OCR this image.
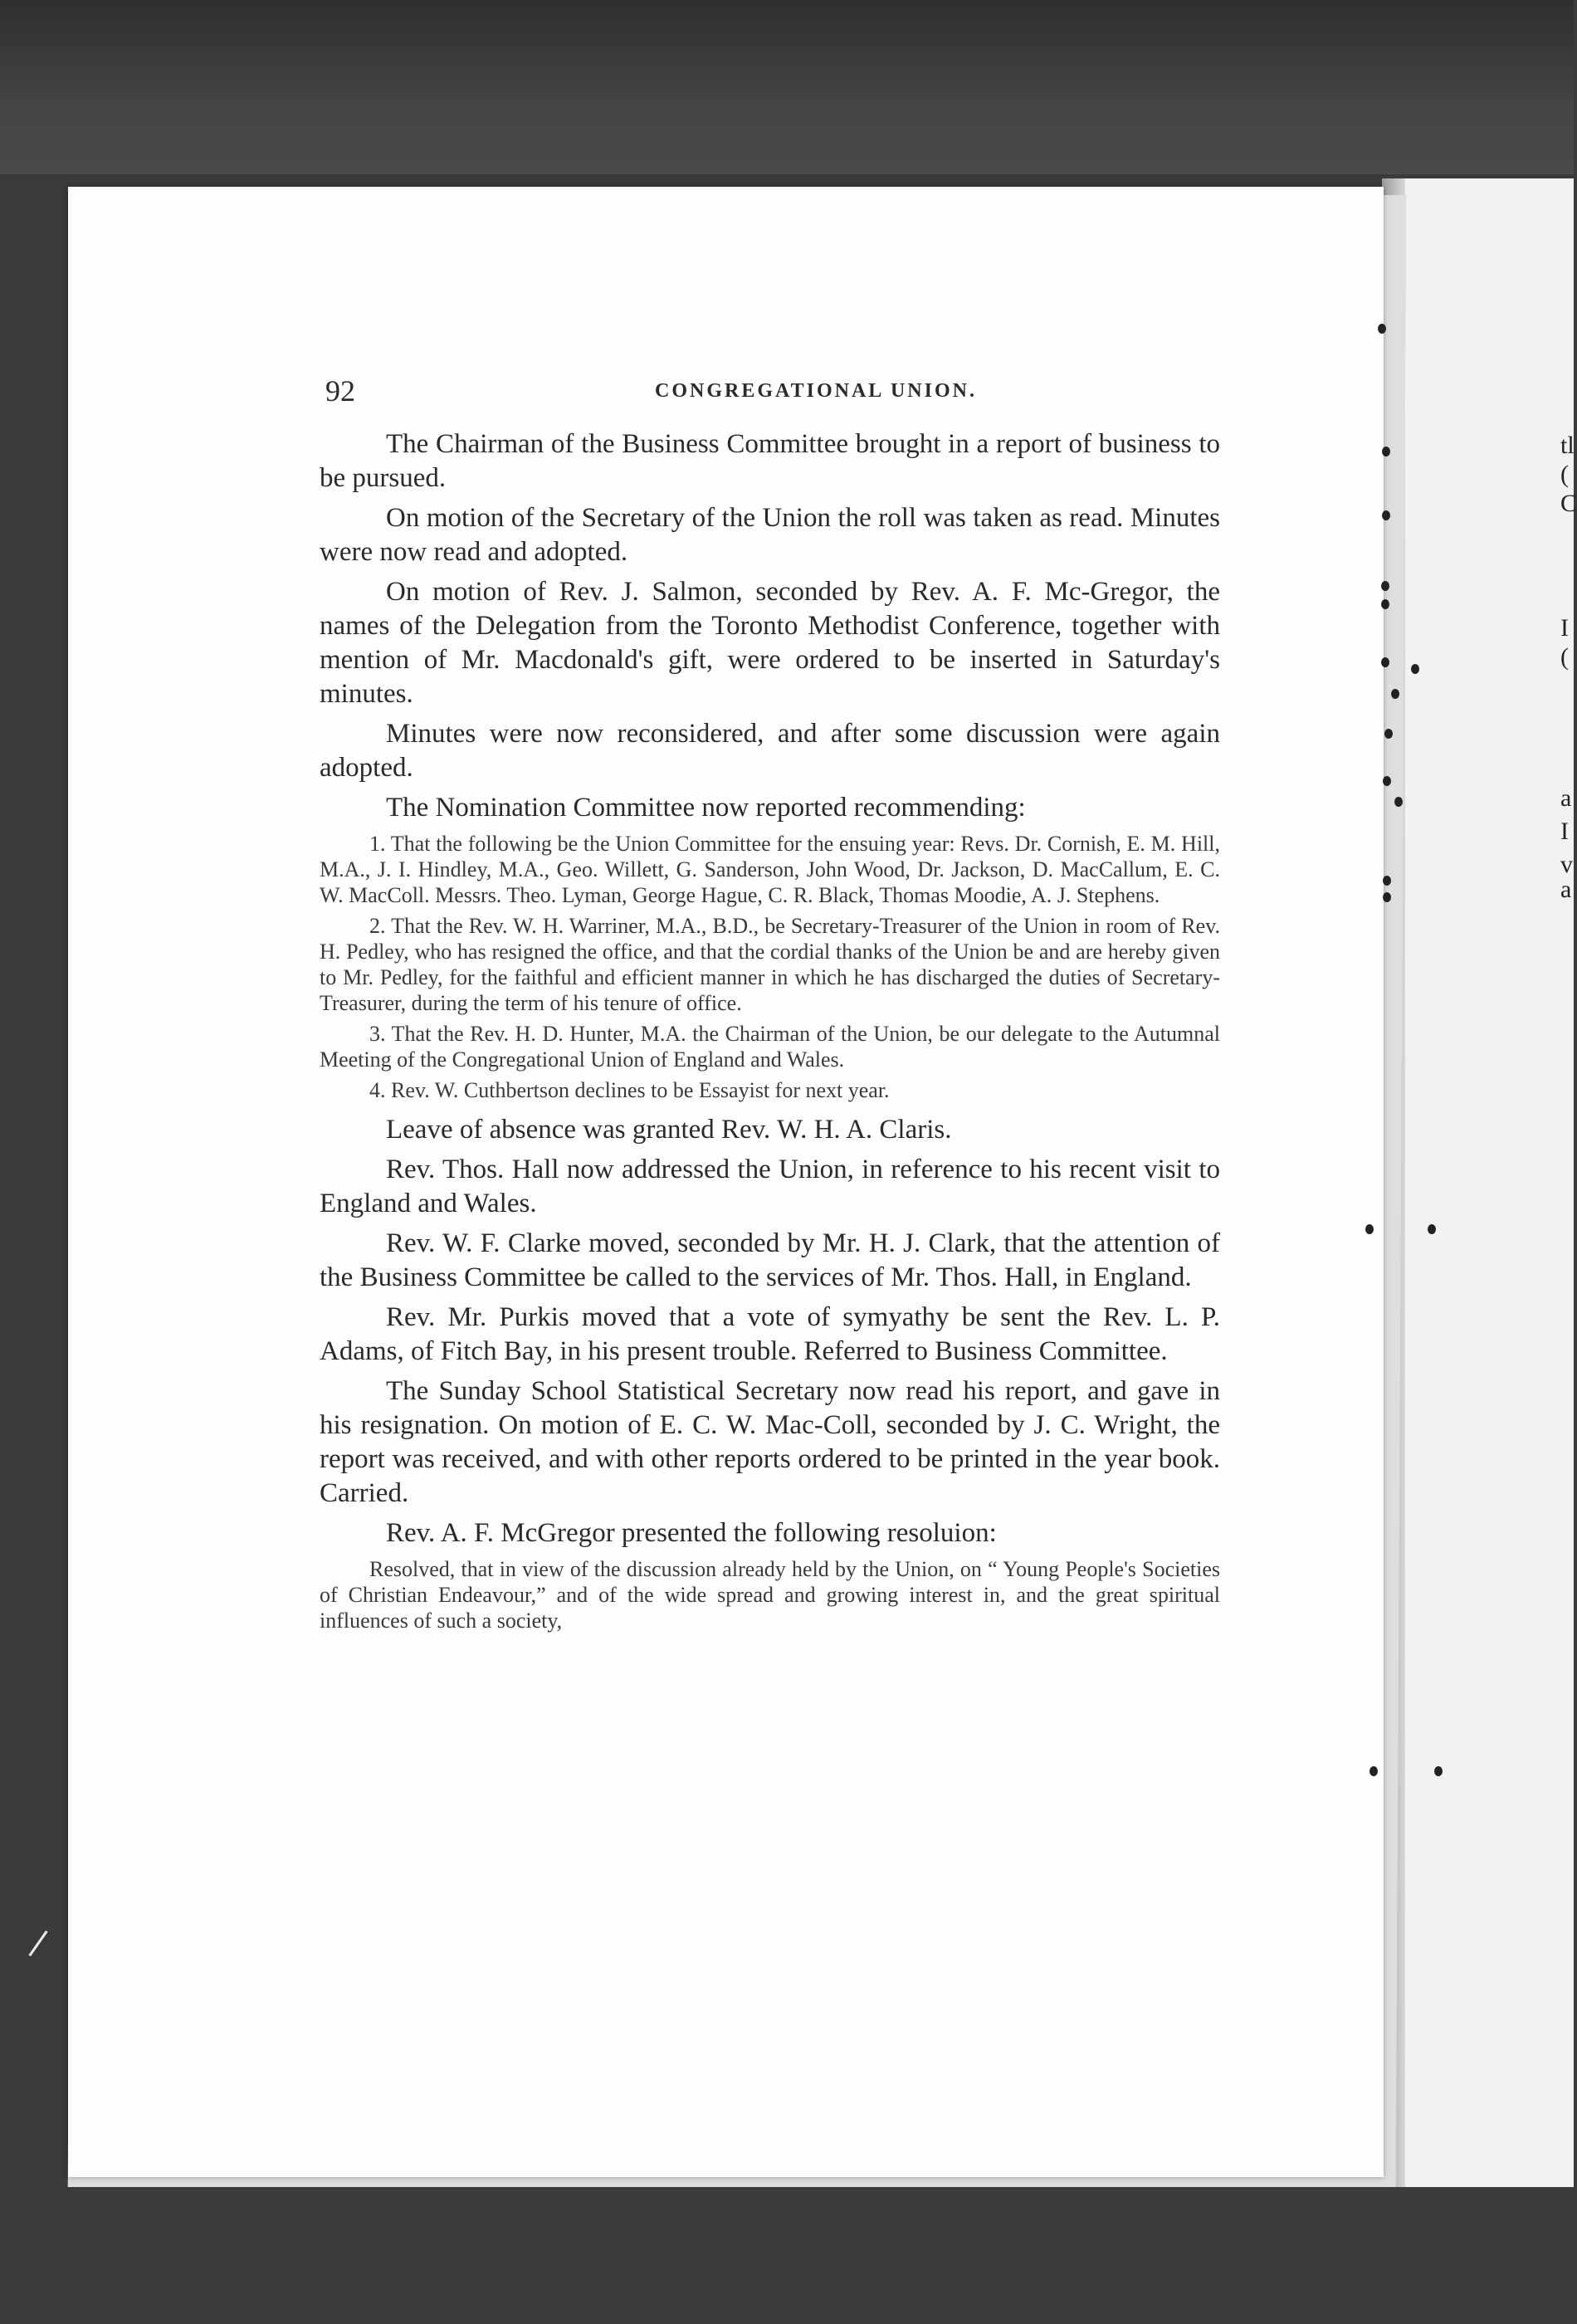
92	CONGREGATIONAL UNION.

The Chairman of the Business Committee brought in a report of business to be pursued.

On motion of the Secretary of the Union the roll was taken as read. Minutes were now read and adopted.

On motion of Rev. J. Salmon, seconded by Rev. A. F. Mc-Gregor, the names of the Delegation from the Toronto Methodist Conference, together with mention of Mr. Macdonald's gift, were ordered to be inserted in Saturday's minutes.

Minutes were now reconsidered, and after some discussion were again adopted.

The Nomination Committee now reported recommending:

1. That the following be the Union Committee for the ensuing year: Revs. Dr. Cornish, E. M. Hill, M.A., J. I. Hindley, M.A., Geo. Willett, G. Sanderson, John Wood, Dr. Jackson, D. MacCallum, E. C. W. MacColl. Messrs. Theo. Lyman, George Hague, C. R. Black, Thomas Moodie, A. J. Stephens.

2. That the Rev. W. H. Warriner, M.A., B.D., be Secretary-Treasurer of the Union in room of Rev. H. Pedley, who has resigned the office, and that the cordial thanks of the Union be and are hereby given to Mr. Pedley, for the faithful and efficient manner in which he has discharged the duties of Secretary-Treasurer, during the term of his tenure of office.

3. That the Rev. H. D. Hunter, M.A. the Chairman of the Union, be our delegate to the Autumnal Meeting of the Congregational Union of England and Wales.

4. Rev. W. Cuthbertson declines to be Essayist for next year.

Leave of absence was granted Rev. W. H. A. Claris.

Rev. Thos. Hall now addressed the Union, in reference to his recent visit to England and Wales.

Rev. W. F. Clarke moved, seconded by Mr. H. J. Clark, that the attention of the Business Committee be called to the services of Mr. Thos. Hall, in England.

Rev. Mr. Purkis moved that a vote of symyathy be sent the Rev. L. P. Adams, of Fitch Bay, in his present trouble. Referred to Business Committee.

The Sunday School Statistical Secretary now read his report, and gave in his resignation. On motion of E. C. W. Mac-Coll, seconded by J. C. Wright, the report was received, and with other reports ordered to be printed in the year book. Carried.

Rev. A. F. McGregor presented the following resoluion:

Resolved, that in view of the discussion already held by the Union, on “ Young People's Societies of Christian Endeavour,” and of the wide spread and growing interest in, and the great spiritual influences of such a society,

tl
(
C
I
(
a
I
v
a
